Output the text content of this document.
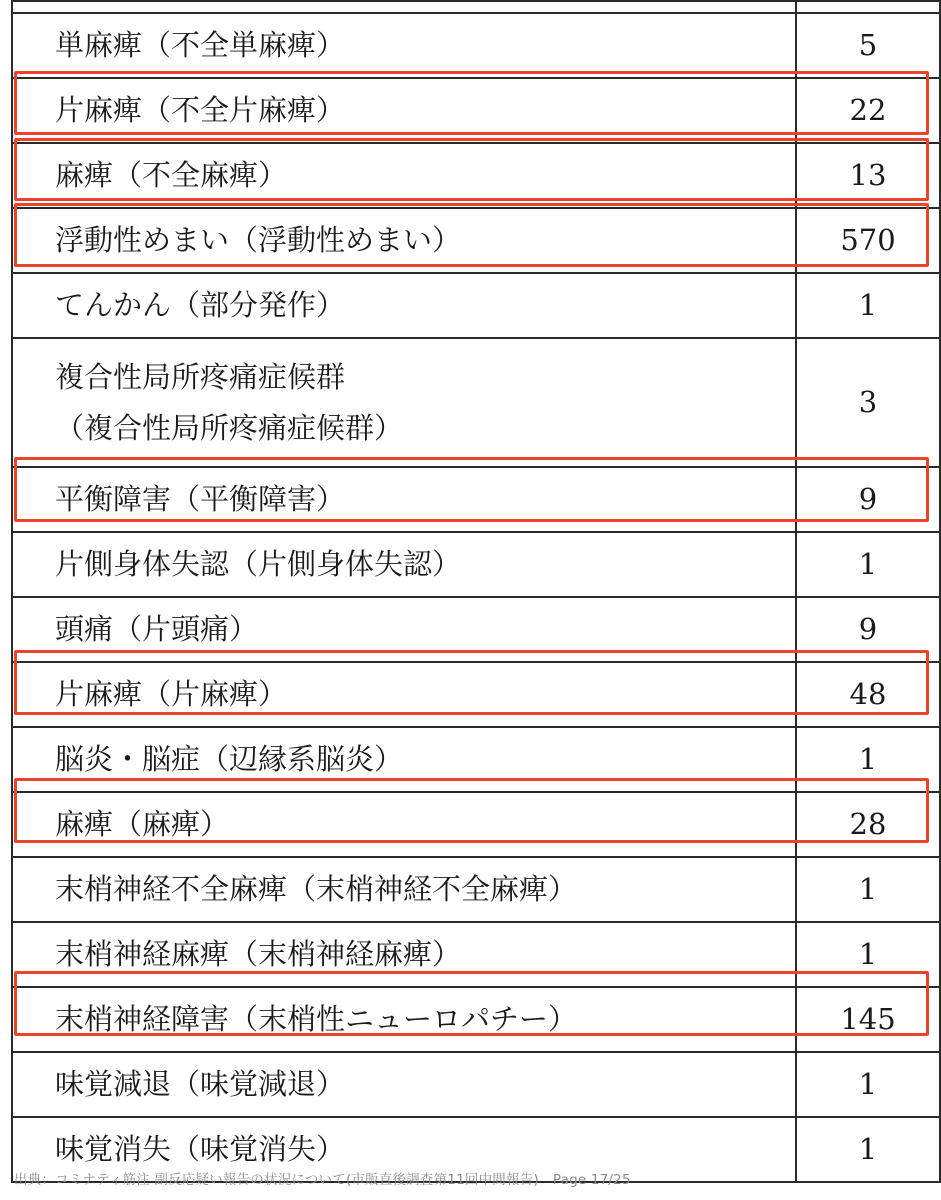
単麻痺（不全単麻痺）	5
片麻痺（不全片麻痺）	22
麻痺（不全麻痺）	13
浮動性めまい（浮動性めまい）	570
てんかん（部分発作）	1

複合性局所疼痛症候群
（複合性局所疼痛症候群）	3
平衡障害（平衡障害）	9
片側身体失認（片側身体失認）	1
頭痛（片頭痛）	9
片麻痺（片麻痺）	48
脳炎・脳症（辺縁系脳炎）	1
麻痺（麻痺）	28
末梢神経不全麻痺（末梢神経不全麻痺）	1
末梢神経麻痺（末梢神経麻痺）	1
末梢神経障害（末梢性ニューロパチー）	145
味覚減退（味覚減退）	1
味覚消失（味覚消失）	1
出典：コミナティ筋注 副反応疑い報告の状況について(市販直後調査第11回中間報告) Page 17/25
